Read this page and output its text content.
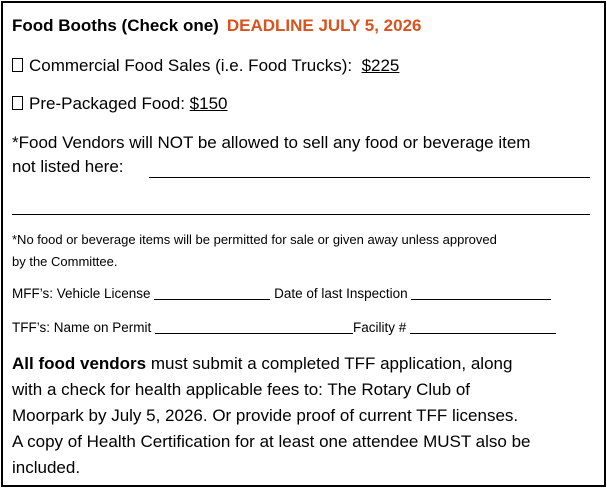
Food Booths (Check one) DEADLINE JULY 5, 2026
Commercial Food Sales (i.e. Food Trucks): $225
Pre-Packaged Food: $150
*Food Vendors will NOT be allowed to sell any food or beverage item
not listed here:
*No food or beverage items will be permitted for sale or given away unless approved
by the Committee.
MFF’s: Vehicle License	Date of last Inspection
TFF’s: Name on Permit	Facility #
All food vendors must submit a completed TFF application, along
with a check for health applicable fees to: The Rotary Club of
Moorpark by July 5, 2026. Or provide proof of current TFF licenses.
A copy of Health Certification for at least one attendee MUST also be
included.
